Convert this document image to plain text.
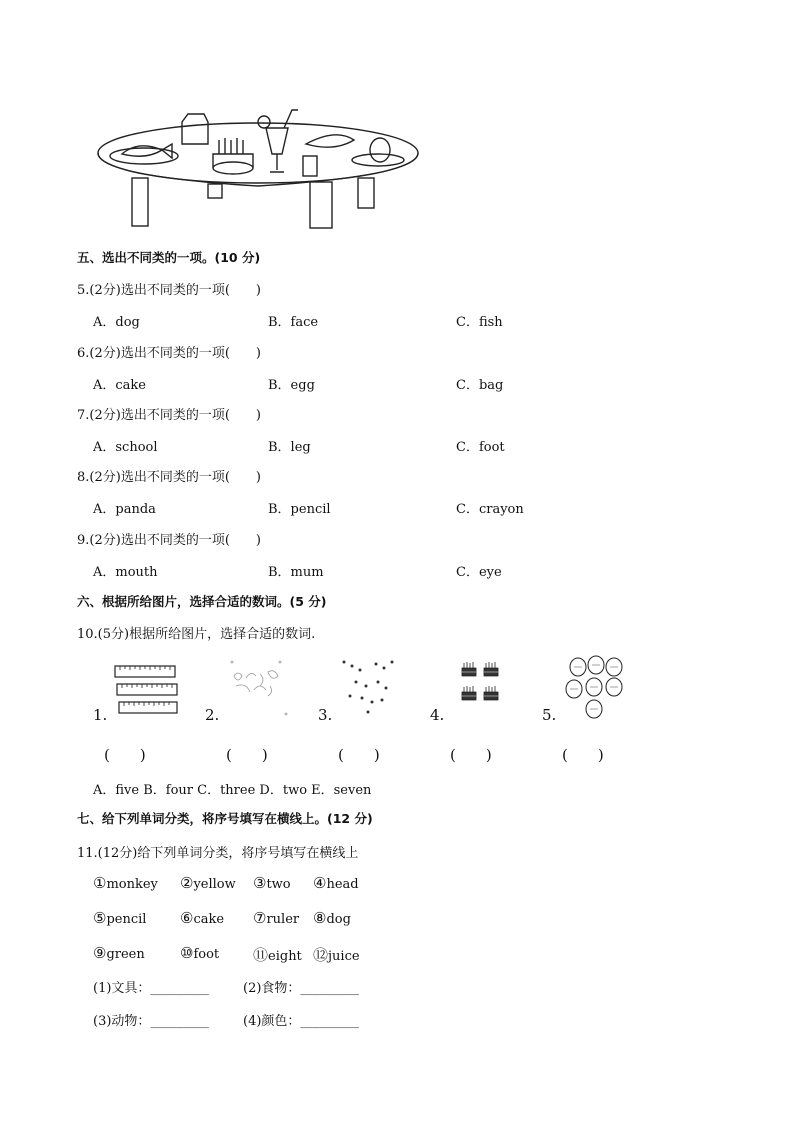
五、选出不同类的一项。(10 分)
5.(2分)选出不同类的一项(　　)
A．dog	B．face	C．fish
6.(2分)选出不同类的一项(　　)
A．cake	B．egg	C．bag
7.(2分)选出不同类的一项(　　)
A．school	B．leg	C．foot
8.(2分)选出不同类的一项(　　)
A．panda	B．pencil	C．crayon
9.(2分)选出不同类的一项(　　)
A．mouth	B．mum	C．eye
六、根据所给图片，选择合适的数词。(5 分)
10.(5分)根据所给图片，选择合适的数词.
1.	2.	3.	4.	5.
(　　)	(　　)	(　　)	(　　)	(　　)
A．five B．four C．three D．two E．seven
七、给下列单词分类，将序号填写在横线上。(12 分)
11.(12分)给下列单词分类，将序号填写在横线上
①monkey ②yellow ③two ④head
⑤pencil ⑥cake ⑦ruler ⑧dog
⑨green ⑩foot ⑪eight ⑫juice
(1)文具：_________	(2)食物：_________
(3)动物：_________	(4)颜色：_________
